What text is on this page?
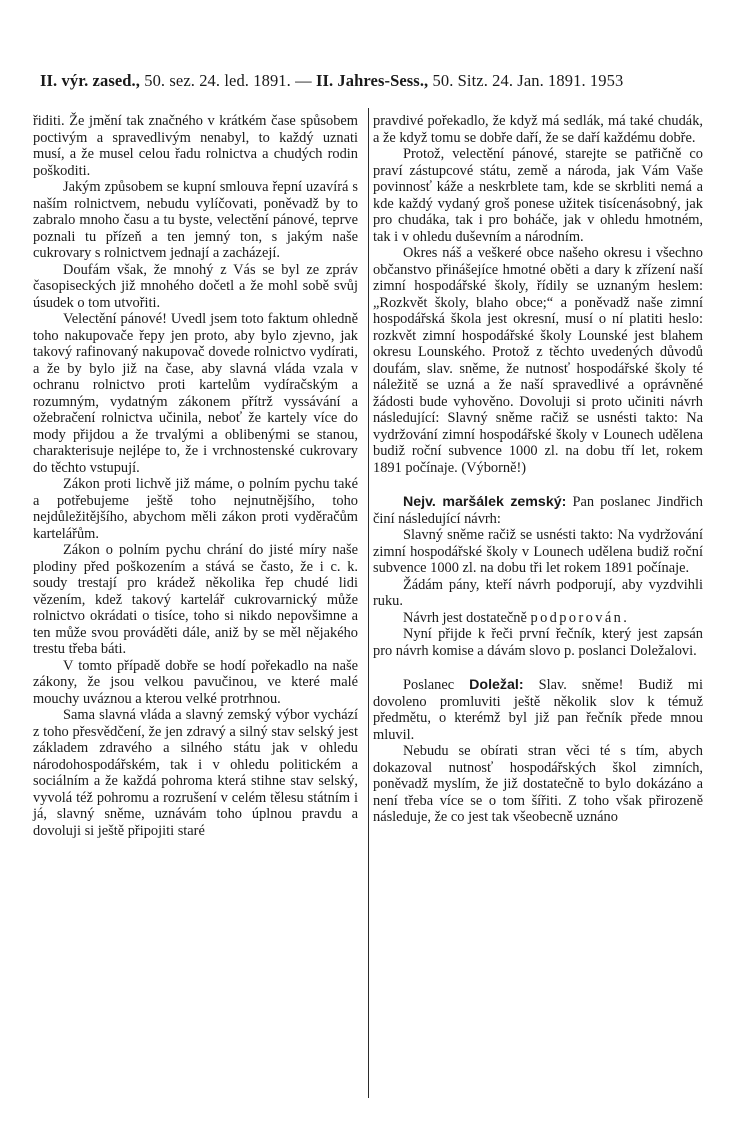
II. výr. zased., 50. sez. 24. led. 1891. — II. Jahres-Sess., 50. Sitz. 24. Jan. 1891. 1953

řiditi. Že jmění tak značného v krátkém čase spůsobem poctivým a spravedlivým nenabyl, to každý uznati musí, a že musel celou řadu rolnictva a chudých rodin poškoditi.

Jakým způsobem se kupní smlouva řepní uzavírá s naším rolnictvem, nebudu vylíčovati, poněvadž by to zabralo mnoho času a tu byste, velectění pánové, teprve poznali tu přízeň a ten jemný ton, s jakým naše cukrovary s rolnictvem jednají a zacházejí.

Doufám však, že mnohý z Vás se byl ze zpráv časopiseckých již mnohého dočetl a že mohl sobě svůj úsudek o tom utvořiti.

Velectění pánové! Uvedl jsem toto faktum ohledně toho nakupovače řepy jen proto, aby bylo zjevno, jak takový rafinovaný nakupovač dovede rolnictvo vydírati, a že by bylo již na čase, aby slavná vláda vzala v ochranu rolnictvo proti kartelům vydíračským a rozumným, vydatným zákonem přítrž vyssávání a ožebračení rolnictva učinila, neboť že kartely více do mody přijdou a že trvalými a oblibenými se stanou, charakterisuje nejlépe to, že i vrchnostenské cukrovary do těchto vstupují.

Zákon proti lichvě již máme, o polním pychu také a potřebujeme ještě toho nejnutnějšího, toho nejdůležitějšího, abychom měli zákon proti vyděračům kartelářům.

Zákon o polním pychu chrání do jisté míry naše plodiny před poškozením a stává se často, že i c. k. soudy trestají pro krádež několika řep chudé lidi vězením, kdež takový kartelář cukrovarnický může rolnictvo okrádati o tisíce, toho si nikdo nepovšimne a ten může svou prováděti dále, aniž by se měl nějakého trestu třeba báti.

V tomto případě dobře se hodí pořekadlo na naše zákony, že jsou velkou pavučinou, ve které malé mouchy uváznou a kterou velké protrhnou.

Sama slavná vláda a slavný zemský výbor vychází z toho přesvědčení, že jen zdravý a silný stav selský jest základem zdravého a silného státu jak v ohledu národohospodářském, tak i v ohledu politickém a sociálním a že každá pohroma která stihne stav selský, vyvolá též pohromu a rozrušení v celém tělesu státním i já, slavný sněme, uznávám toho úplnou pravdu a dovoluji si ještě připojiti staré

pravdivé pořekadlo, že když má sedlák, má také chudák, a že když tomu se dobře daří, že se daří každému dobře.

Protož, velectění pánové, starejte se patřičně co praví zástupcové státu, země a národa, jak Vám Vaše povinnosť káže a neskrblete tam, kde se skrbliti nemá a kde každý vydaný groš ponese užitek tisícenásobný, jak pro chudáka, tak i pro boháče, jak v ohledu hmotném, tak i v ohledu duševním a národním.

Okres náš a veškeré obce našeho okresu i všechno občanstvo přinášejíce hmotné oběti a dary k zřízení naší zimní hospodářské školy, řídily se uznaným heslem: „Rozkvět školy, blaho obce;“ a poněvadž naše zimní hospodářská škola jest okresní, musí o ní platiti heslo: rozkvět zimní hospodářské školy Lounské jest blahem okresu Lounského. Protož z těchto uvedených důvodů doufám, slav. sněme, že nutnosť hospodářské školy té náležitě se uzná a že naší spravedlivé a oprávněné žádosti bude vyhověno. Dovoluji si proto učiniti návrh následující: Slavný sněme račiž se usnésti takto: Na vydržování zimní hospodářské školy v Lounech udělena budiž roční subvence 1000 zl. na dobu tří let, rokem 1891 počínaje. (Výborně!)

Nejv. maršálek zemský: Pan poslanec Jindřich činí následující návrh:

Slavný sněme račiž se usnésti takto: Na vydržování zimní hospodářské školy v Lounech udělena budiž roční subvence 1000 zl. na dobu tři let rokem 1891 počínaje.

Žádám pány, kteří návrh podporují, aby vyzdvihli ruku.

Návrh jest dostatečně podporován.

Nyní přijde k řeči první řečník, který jest zapsán pro návrh komise a dávám slovo p. poslanci Doležalovi.

Poslanec Doležal: Slav. sněme! Budiž mi dovoleno promluviti ještě několik slov k témuž předmětu, o kterémž byl již pan řečník přede mnou mluvil.

Nebudu se obírati stran věci té s tím, abych dokazoval nutnosť hospodářských škol zimních, poněvadž myslím, že již dostatečně to bylo dokázáno a není třeba více se o tom šířiti. Z toho však přirozeně následuje, že co jest tak všeobecně uznáno
